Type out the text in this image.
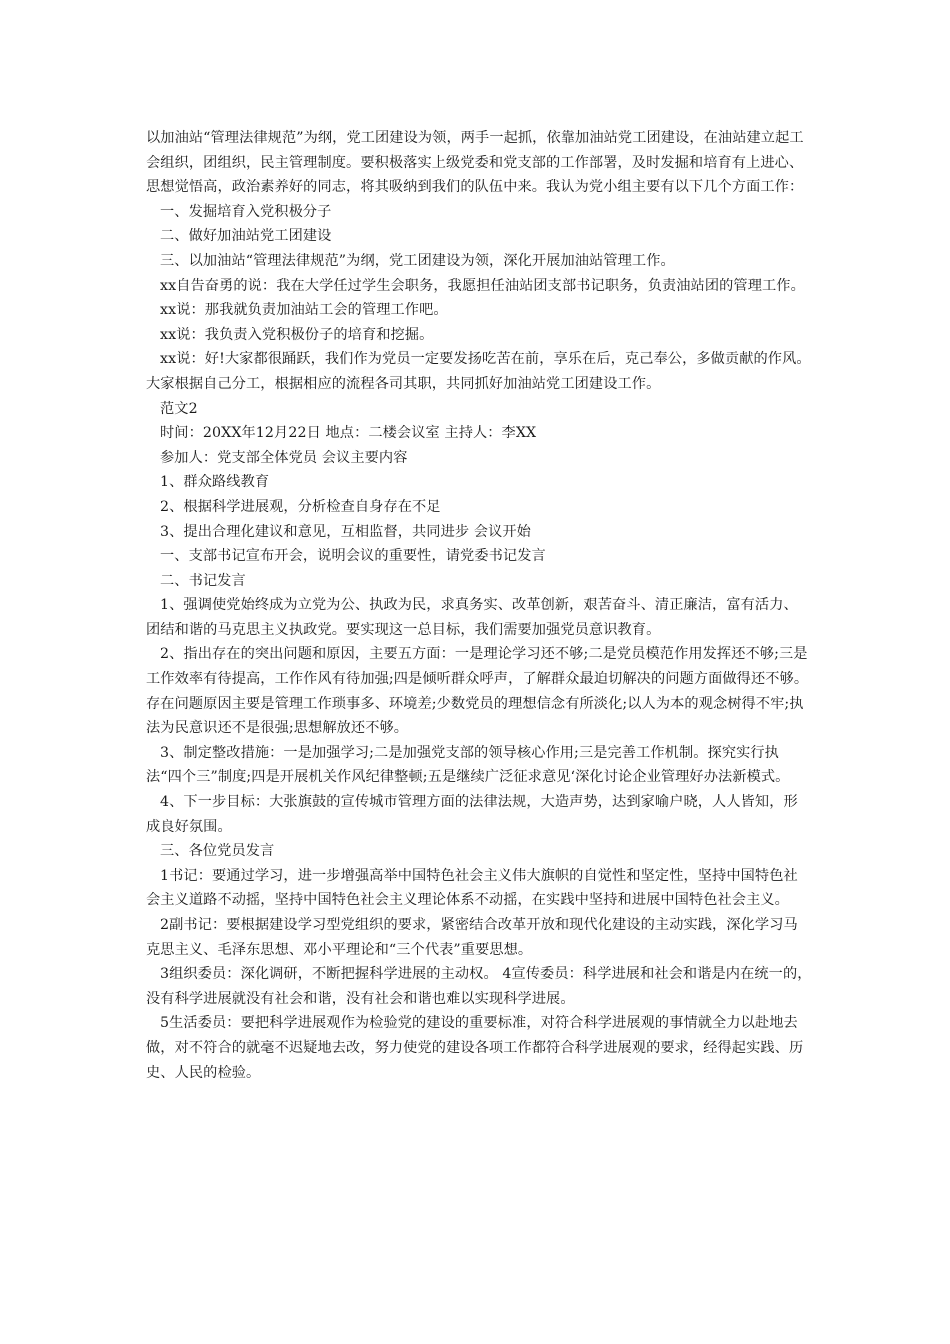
以加油站“管理法律规范”为纲，党工团建设为领，两手一起抓，依靠加油站党工团建设，在油站建立起工会组织，团组织，民主管理制度。要积极落实上级党委和党支部的工作部署，及时发掘和培育有上进心、思想觉悟高，政治素养好的同志，将其吸纳到我们的队伍中来。我认为党小组主要有以下几个方面工作：

一、发掘培育入党积极分子

二、做好加油站党工团建设

三、以加油站“管理法律规范”为纲，党工团建设为领，深化开展加油站管理工作。

xx自告奋勇的说：我在大学任过学生会职务，我愿担任油站团支部书记职务，负责油站团的管理工作。

xx说：那我就负责加油站工会的管理工作吧。

xx说：我负责入党积极份子的培育和挖掘。

xx说：好!大家都很踊跃，我们作为党员一定要发扬吃苦在前，享乐在后，克己奉公，多做贡献的作风。大家根据自己分工，根据相应的流程各司其职，共同抓好加油站党工团建设工作。

范文2

时间：20XX年12月22日 地点：二楼会议室 主持人：李XX

参加人：党支部全体党员 会议主要内容

1、群众路线教育

2、根据科学进展观，分析检查自身存在不足

3、提出合理化建议和意见，互相监督，共同进步 会议开始

一、支部书记宣布开会，说明会议的重要性，请党委书记发言

二、书记发言

1、强调使党始终成为立党为公、执政为民，求真务实、改革创新，艰苦奋斗、清正廉洁，富有活力、团结和谐的马克思主义执政党。要实现这一总目标，我们需要加强党员意识教育。

2、指出存在的突出问题和原因，主要五方面：一是理论学习还不够;二是党员模范作用发挥还不够;三是工作效率有待提高，工作作风有待加强;四是倾听群众呼声，了解群众最迫切解决的问题方面做得还不够。存在问题原因主要是管理工作琐事多、环境差;少数党员的理想信念有所淡化;以人为本的观念树得不牢;执法为民意识还不是很强;思想解放还不够。

3、制定整改措施：一是加强学习;二是加强党支部的领导核心作用;三是完善工作机制。探究实行执法“四个三”制度;四是开展机关作风纪律整顿;五是继续广泛征求意见‘深化讨论企业管理好办法新模式。

4、下一步目标：大张旗鼓的宣传城市管理方面的法律法规，大造声势，达到家喻户晓，人人皆知，形成良好氛围。

三、各位党员发言

1书记：要通过学习，进一步增强高举中国特色社会主义伟大旗帜的自觉性和坚定性，坚持中国特色社会主义道路不动摇，坚持中国特色社会主义理论体系不动摇，在实践中坚持和进展中国特色社会主义。

2副书记：要根据建设学习型党组织的要求，紧密结合改革开放和现代化建设的主动实践，深化学习马克思主义、毛泽东思想、邓小平理论和“三个代表”重要思想。

3组织委员：深化调研，不断把握科学进展的主动权。 4宣传委员：科学进展和社会和谐是内在统一的，没有科学进展就没有社会和谐，没有社会和谐也难以实现科学进展。

5生活委员：要把科学进展观作为检验党的建设的重要标准，对符合科学进展观的事情就全力以赴地去做，对不符合的就毫不迟疑地去改，努力使党的建设各项工作都符合科学进展观的要求，经得起实践、历史、人民的检验。
